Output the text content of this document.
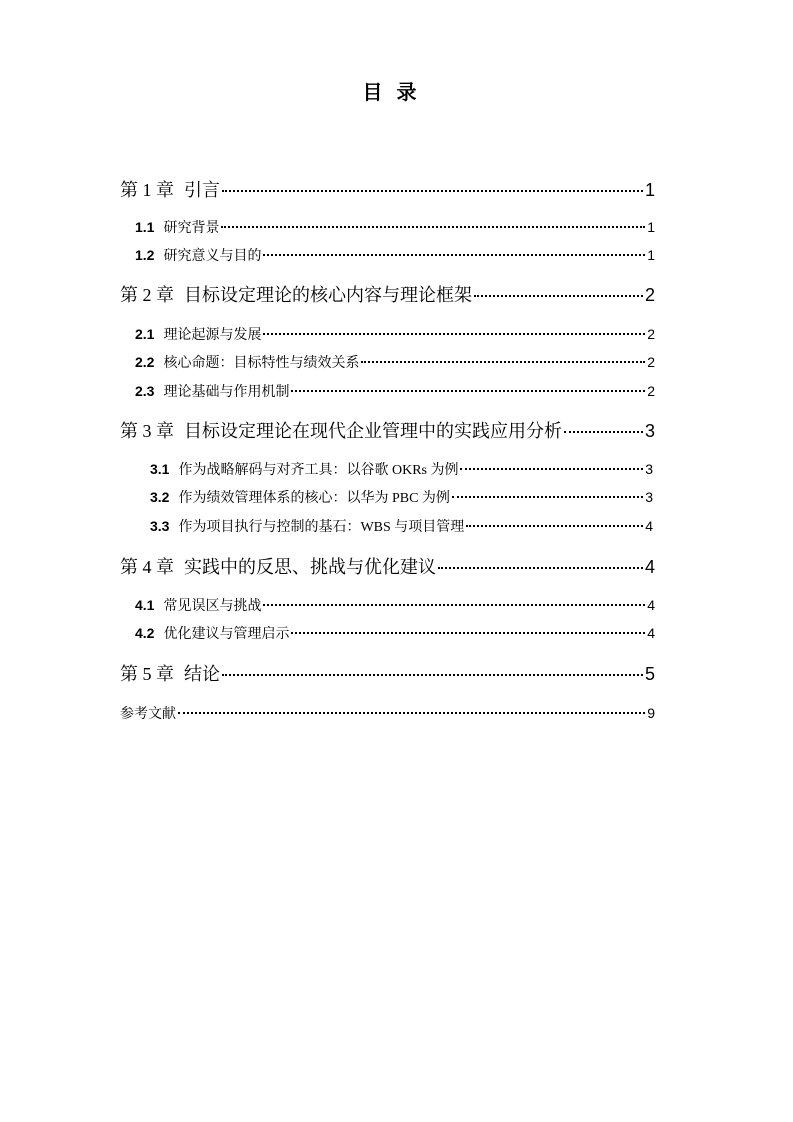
目录
第 1 章 引言	1
1.1 研究背景	1
1.2 研究意义与目的	1
第 2 章 目标设定理论的核心内容与理论框架	2
2.1 理论起源与发展	2
2.2 核心命题：目标特性与绩效关系	2
2.3 理论基础与作用机制	2
第 3 章 目标设定理论在现代企业管理中的实践应用分析	3
3.1 作为战略解码与对齐工具：以谷歌 OKRs 为例	3
3.2 作为绩效管理体系的核心：以华为 PBC 为例	3
3.3 作为项目执行与控制的基石：WBS 与项目管理	4
第 4 章 实践中的反思、挑战与优化建议	4
4.1 常见误区与挑战	4
4.2 优化建议与管理启示	4
第 5 章 结论	5
参考文献	9
